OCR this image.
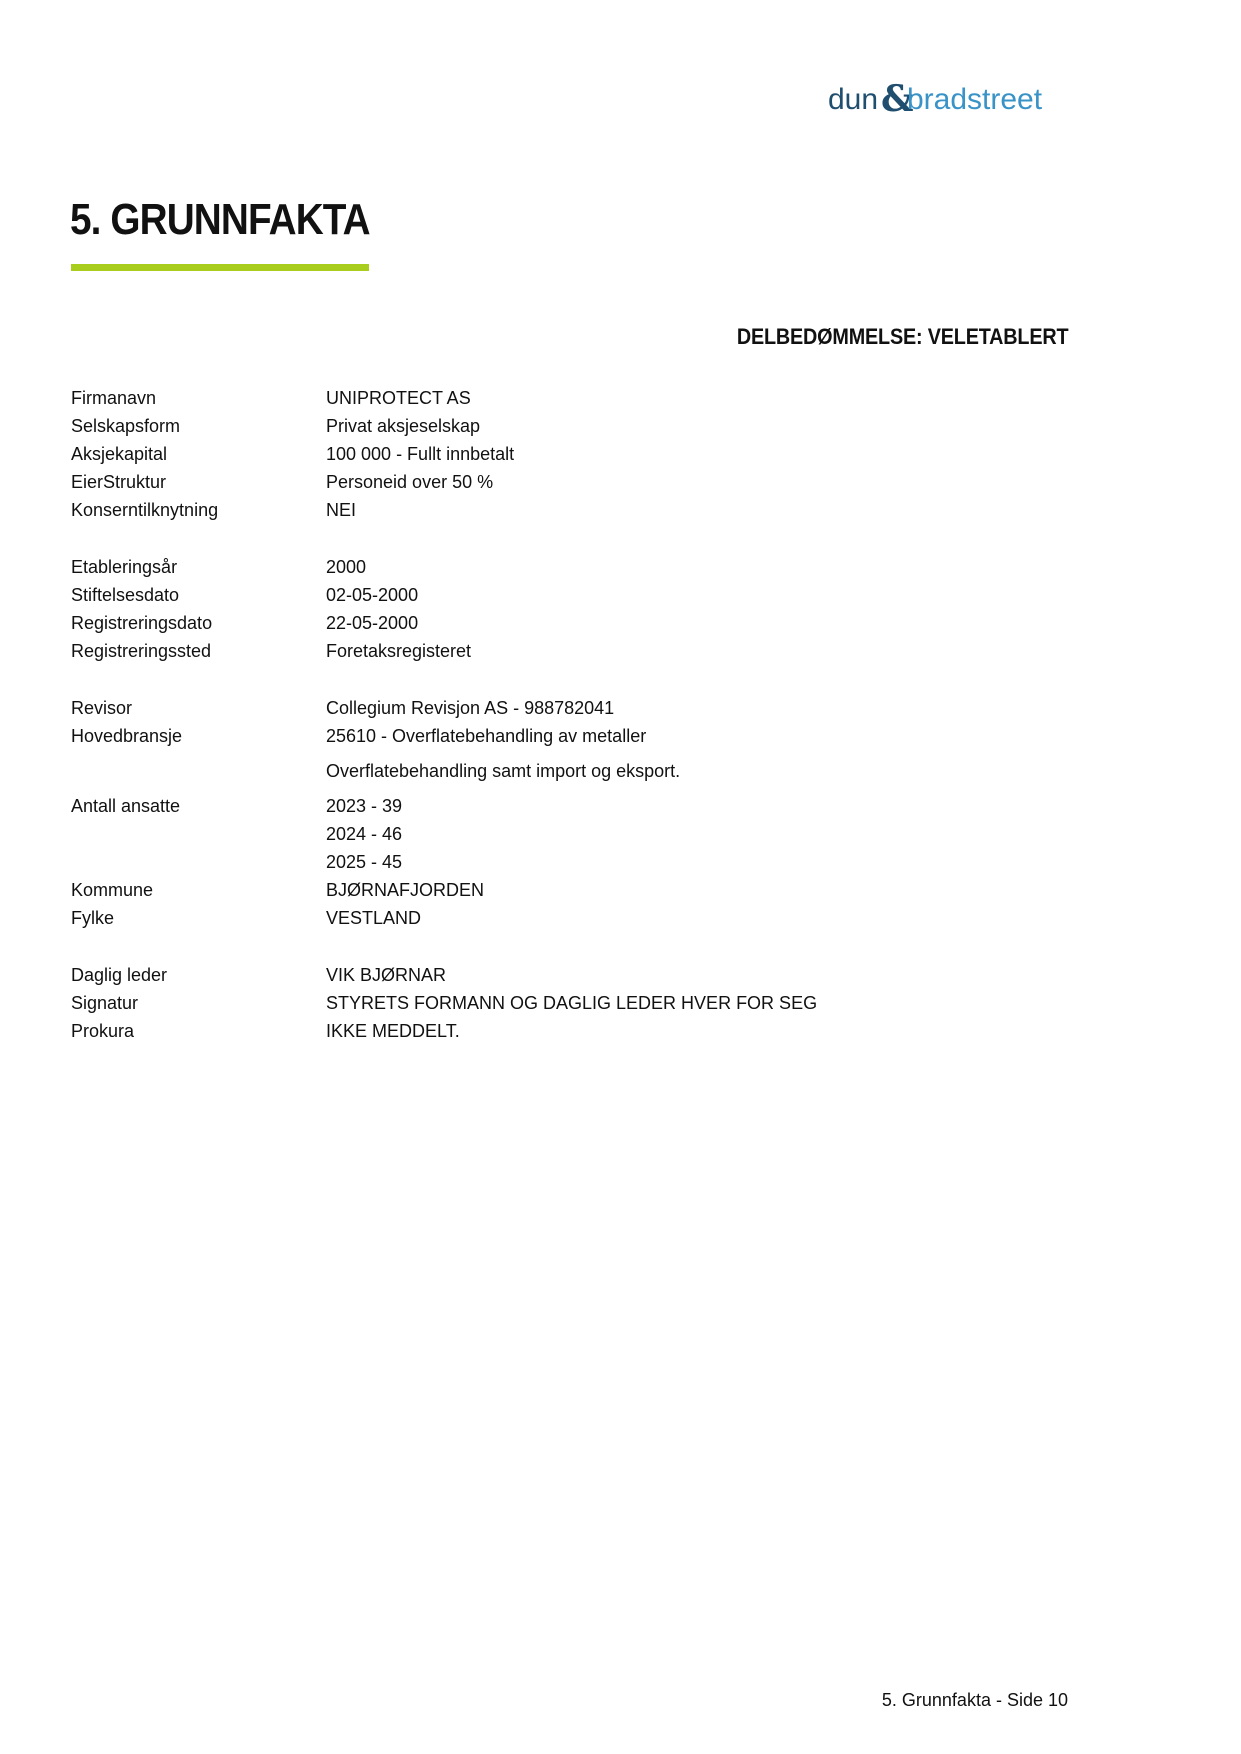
dun &
bradstreet
5. GRUNNFAKTA
DELBEDØMMELSE: VELETABLERT
Firmanavn	UNIPROTECT AS
Selskapsform	Privat aksjeselskap
Aksjekapital	100 000 - Fullt innbetalt
EierStruktur	Personeid over 50 %
Konserntilknytning	NEI
Etableringsår	2000
Stiftelsesdato	02-05-2000
Registreringsdato	22-05-2000
Registreringssted	Foretaksregisteret
Revisor	Collegium Revisjon AS - 988782041
Hovedbransje	25610 - Overflatebehandling av metaller
Overflatebehandling samt import og eksport.
Antall ansatte	2023 - 39
2024 - 46
2025 - 45
Kommune	BJØRNAFJORDEN
Fylke	VESTLAND
Daglig leder	VIK BJØRNAR
Signatur	STYRETS FORMANN OG DAGLIG LEDER HVER FOR SEG
Prokura	IKKE MEDDELT.
5. Grunnfakta - Side 10
